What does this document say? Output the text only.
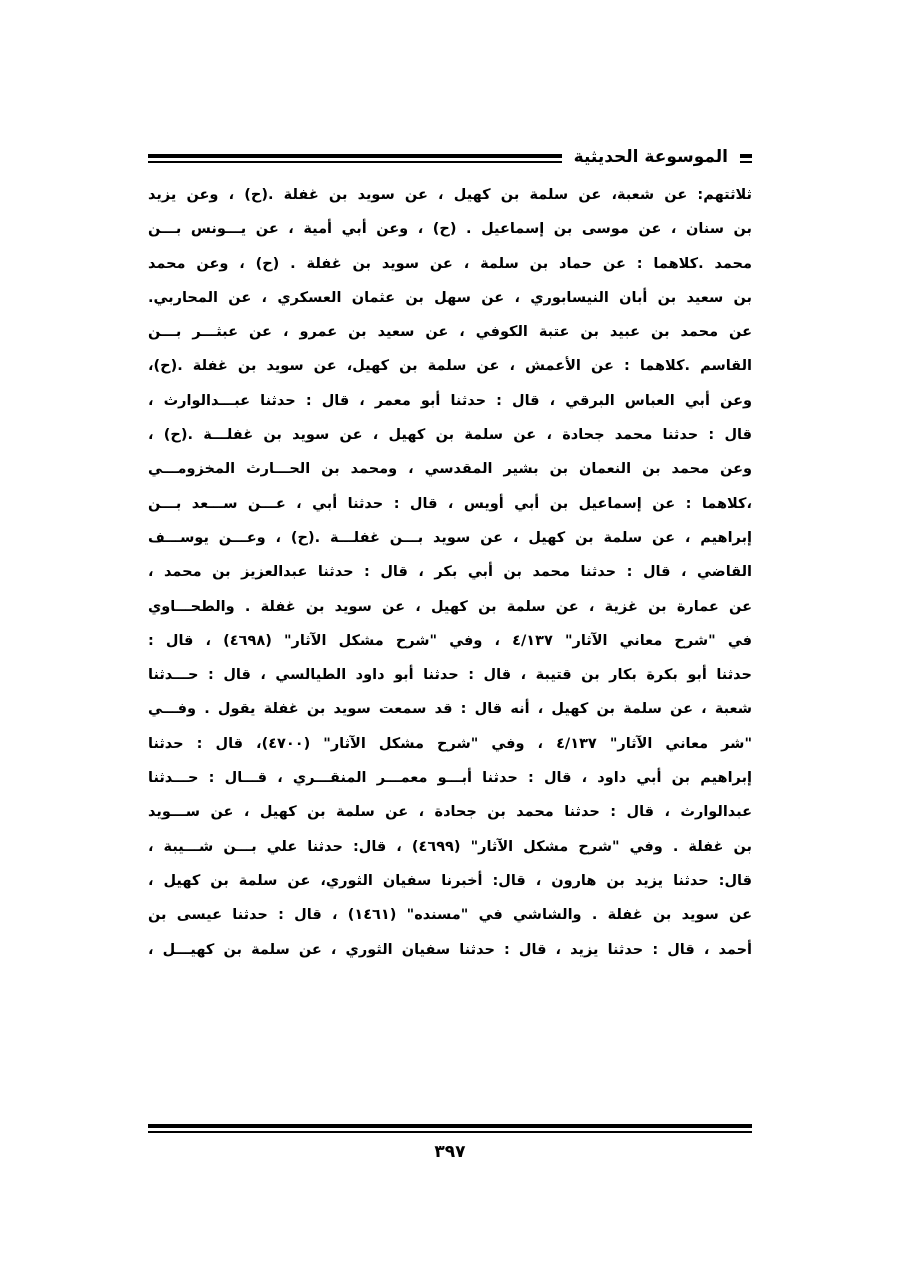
الموسوعة الحديثية
ثلاثتهم: عن شعبة، عن سلمة بن كهيل ، عن سويد بن غفلة .(ح) ، وعن يزيد
بن سنان ، عن موسى بن إسماعيل . (ح) ، وعن أبي أمية ، عن يـــونس بـــن
محمد .كلاهما : عن حماد بن سلمة ، عن سويد بن غفلة . (ح) ، وعن محمد
بن سعيد بن أبان النيسابوري ، عن سهل بن عثمان العسكري ، عن المحاربي.
عن محمد بن عبيد بن عتبة الكوفي ، عن سعيد بن عمرو ، عن عبثـــر بـــن
القاسم .كلاهما : عن الأعمش ، عن سلمة بن كهيل، عن سويد بن غفلة .(ح)،
وعن أبي العباس البرقي ، قال : حدثنا أبو معمر ، قال : حدثنا عبـــدالوارث ،
قال : حدثنا محمد جحادة ، عن سلمة بن كهيل ، عن سويد بن غفلـــة .(ح) ،
وعن محمد بن النعمان بن بشير المقدسي ، ومحمد بن الحـــارث المخزومـــي
،كلاهما : عن إسماعيل بن أبي أويس ، قال : حدثنا أبي ، عـــن ســـعد بـــن
إبراهيم ، عن سلمة بن كهيل ، عن سويد بـــن غفلـــة .(ح) ، وعـــن يوســـف
القاضي ، قال : حدثنا محمد بن أبي بكر ، قال : حدثنا عبدالعزيز بن محمد ،
عن عمارة بن غزية ، عن سلمة بن كهيل ، عن سويد بن غفلة . والطحـــاوي
في "شرح معاني الآثار" ٤/١٣٧ ، وفي "شرح مشكل الآثار" (٤٦٩٨) ، قال :
حدثنا أبو بكرة بكار بن قتيبة ، قال : حدثنا أبو داود الطيالسي ، قال : حـــدثنا
شعبة ، عن سلمة بن كهيل ، أنه قال : قد سمعت سويد بن غفلة يقول . وفـــي
"شر معاني الآثار" ٤/١٣٧ ، وفي "شرح مشكل الآثار" (٤٧٠٠)، قال : حدثنا
إبراهيم بن أبي داود ، قال : حدثنا أبـــو معمـــر المنقـــري ، قـــال : حـــدثنا
عبدالوارث ، قال : حدثنا محمد بن جحادة ، عن سلمة بن كهيل ، عن ســـويد
بن غفلة . وفي "شرح مشكل الآثار" (٤٦٩٩) ، قال: حدثنا علي بـــن شـــيبة ،
قال: حدثنا يزيد بن هارون ، قال: أخبرنا سفيان الثوري، عن سلمة بن كهيل ،
عن سويد بن غفلة . والشاشي في "مسنده" (١٤٦١) ، قال : حدثنا عيسى بن
أحمد ، قال : حدثنا يزيد ، قال : حدثنا سفيان الثوري ، عن سلمة بن كهيـــل ،
٣٩٧
